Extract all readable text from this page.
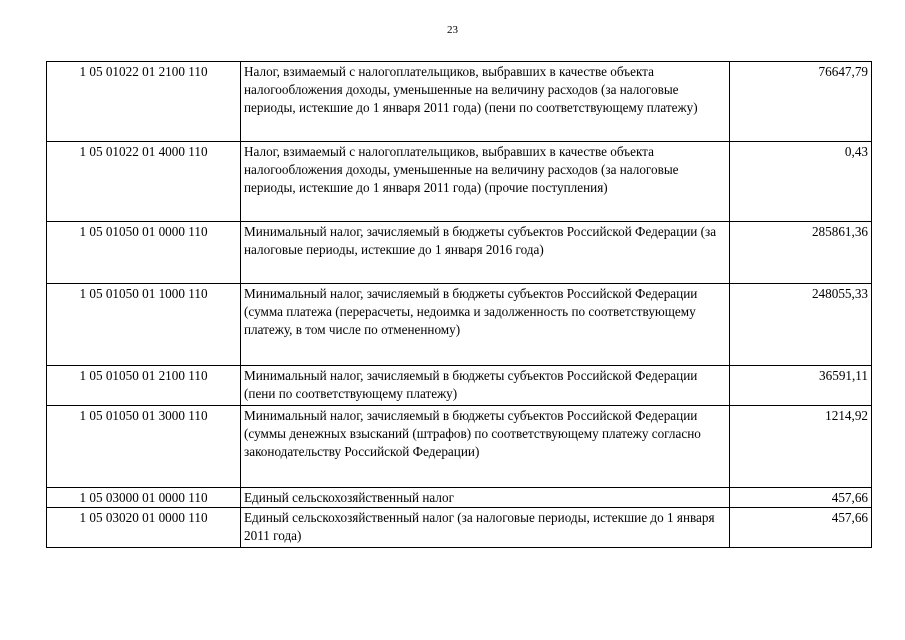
23
1 05 01022 01 2100 110	Налог, взимаемый с налогоплательщиков, выбравших в качестве объекта налогообложения доходы, уменьшенные на величину расходов (за налоговые периоды, истекшие до 1 января 2011 года) (пени по соответствующему платежу)	76647,79
1 05 01022 01 4000 110	Налог, взимаемый с налогоплательщиков, выбравших в качестве объекта налогообложения доходы, уменьшенные на величину расходов (за налоговые периоды, истекшие до 1 января 2011 года) (прочие поступления)	0,43
1 05 01050 01 0000 110	Минимальный налог, зачисляемый в бюджеты субъектов Российской Федерации (за налоговые периоды, истекшие до 1 января 2016 года)	285861,36
1 05 01050 01 1000 110	Минимальный налог, зачисляемый в бюджеты субъектов Российской Федерации (сумма платежа (перерасчеты, недоимка и задолженность по соответствующему платежу, в том числе по отмененному)	248055,33
1 05 01050 01 2100 110	Минимальный налог, зачисляемый в бюджеты субъектов Российской Федерации (пени по соответствующему платежу)	36591,11
1 05 01050 01 3000 110	Минимальный налог, зачисляемый в бюджеты субъектов Российской Федерации (суммы денежных взысканий (штрафов) по соответствующему платежу согласно законодательству Российской Федерации)	1214,92
1 05 03000 01 0000 110	Единый сельскохозяйственный налог	457,66
1 05 03020 01 0000 110	Единый сельскохозяйственный налог (за налоговые периоды, истекшие до 1 января 2011 года)	457,66
